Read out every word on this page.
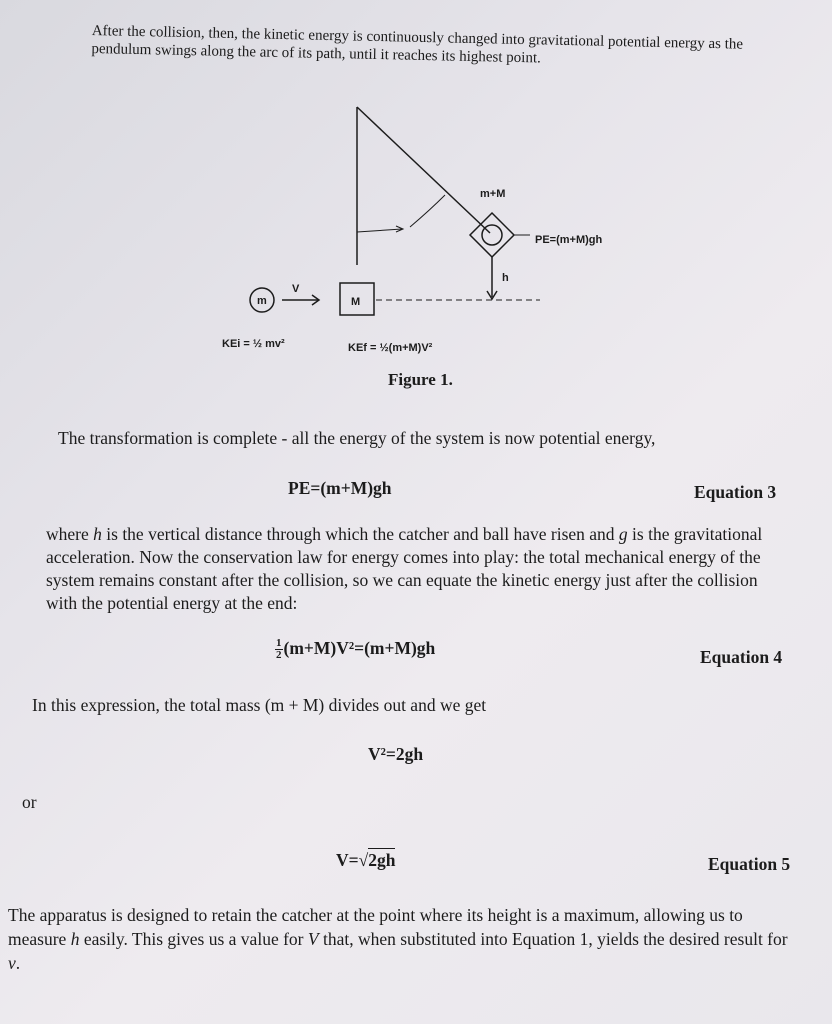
After the collision, then, the kinetic energy is continuously changed into gravitational potential energy as the pendulum swings along the arc of its path, until it reaches its highest point.

m+M
PE=(m+M)gh
h
m
V
M
KEi = ½ mv²	KEf = ½(m+M)V²
Figure 1.

The transformation is complete - all the energy of the system is now potential energy,

PE=(m+M)gh	Equation 3

where h is the vertical distance through which the catcher and ball have risen and g is the gravitational acceleration. Now the conservation law for energy comes into play: the total mechanical energy of the system remains constant after the collision, so we can equate the kinetic energy just after the collision with the potential energy at the end:

$\frac{1}{2} (m+M)V^2=(m+M)gh$	Equation 4

In this expression, the total mass (m + M) divides out and we get

V²=2gh
or
V=√2gh	Equation 5

The apparatus is designed to retain the catcher at the point where its height is a maximum, allowing us to measure h easily. This gives us a value for V that, when substituted into Equation 1, yields the desired result for v.
